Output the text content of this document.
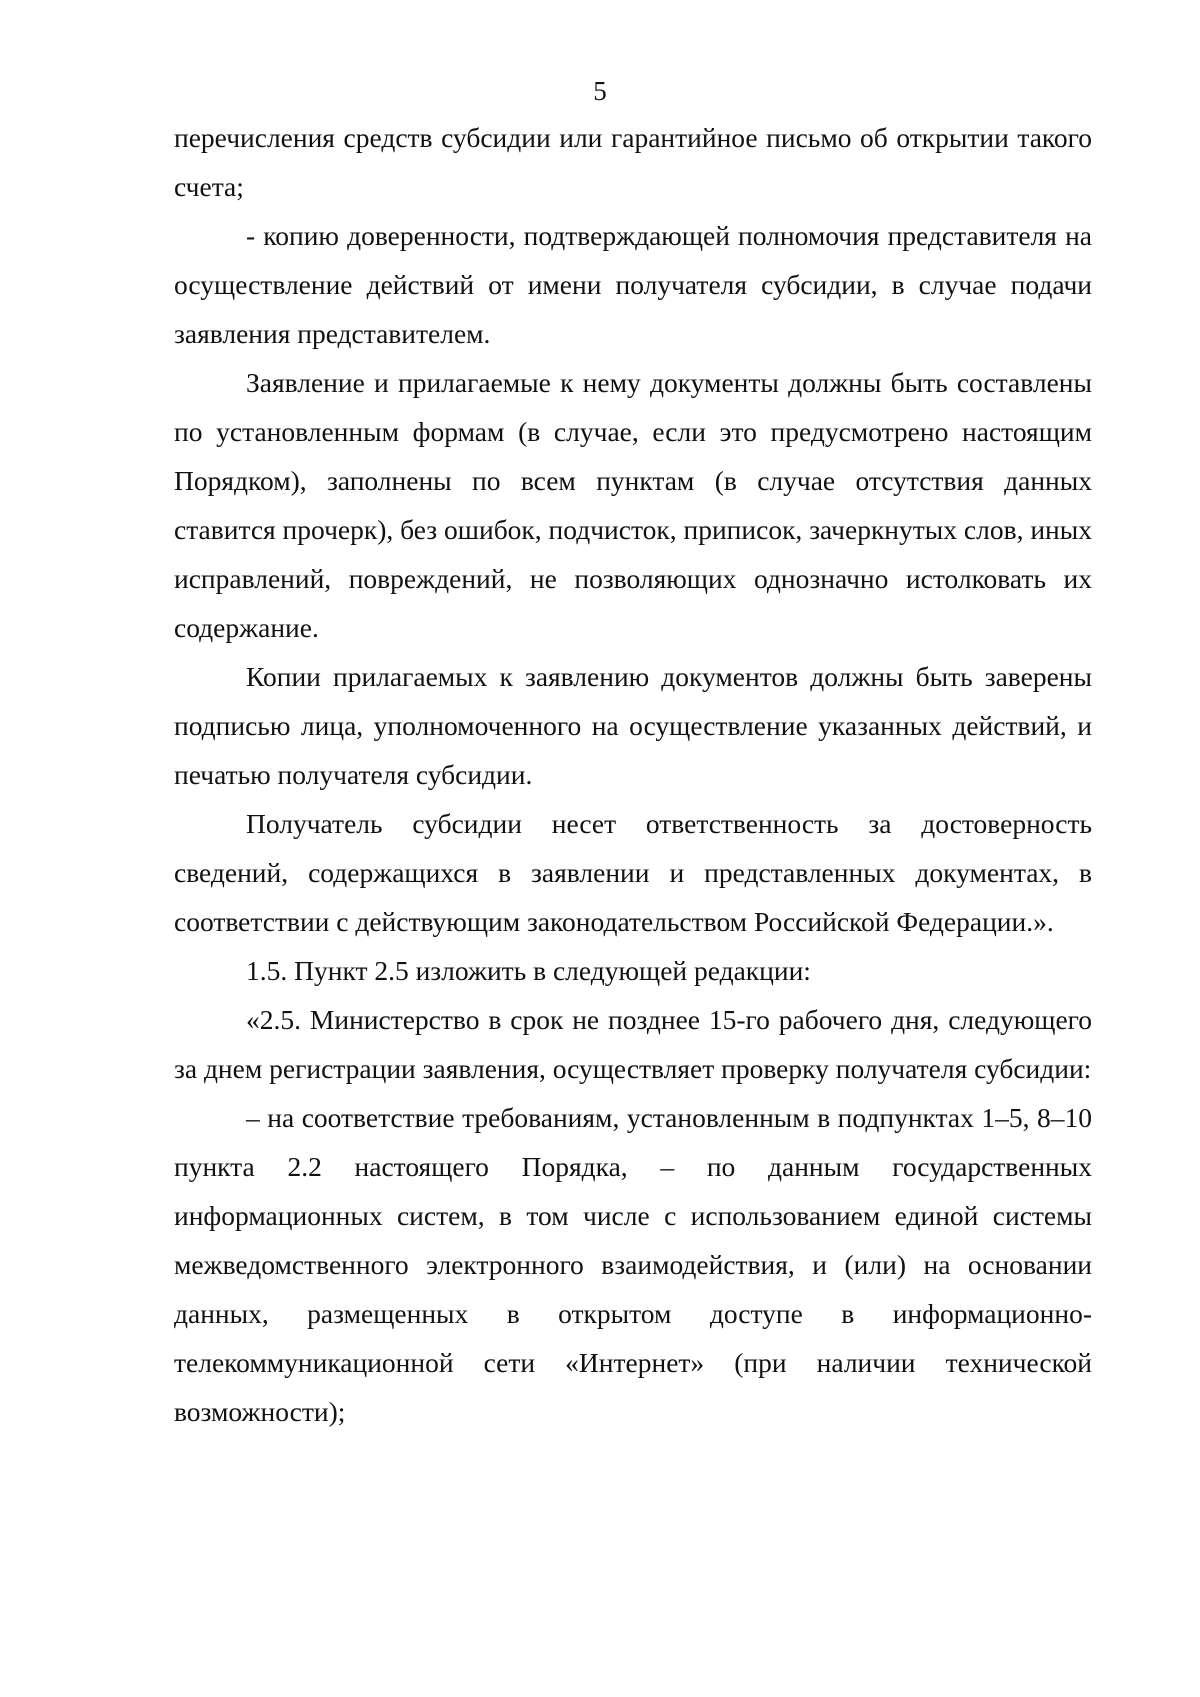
5

перечисления средств субсидии или гарантийное письмо об открытии такого счета;

- копию доверенности, подтверждающей полномочия представителя на осуществление действий от имени получателя субсидии, в случае подачи заявления представителем.

Заявление и прилагаемые к нему документы должны быть составлены по установленным формам (в случае, если это предусмотрено настоящим Порядком), заполнены по всем пунктам (в случае отсутствия данных ставится прочерк), без ошибок, подчисток, приписок, зачеркнутых слов, иных исправлений, повреждений, не позволяющих однозначно истолковать их содержание.

Копии прилагаемых к заявлению документов должны быть заверены подписью лица, уполномоченного на осуществление указанных действий, и печатью получателя субсидии.

Получатель субсидии несет ответственность за достоверность сведений, содержащихся в заявлении и представленных документах, в соответствии с действующим законодательством Российской Федерации.».

1.5. Пункт 2.5 изложить в следующей редакции:

«2.5. Министерство в срок не позднее 15-го рабочего дня, следующего за днем регистрации заявления, осуществляет проверку получателя субсидии:

– на соответствие требованиям, установленным в подпунктах 1–5, 8–10 пункта 2.2 настоящего Порядка, – по данным государственных информационных систем, в том числе с использованием единой системы межведомственного электронного взаимодействия, и (или) на основании данных, размещенных в открытом доступе в информационно-телекоммуникационной сети «Интернет» (при наличии технической возможности);
